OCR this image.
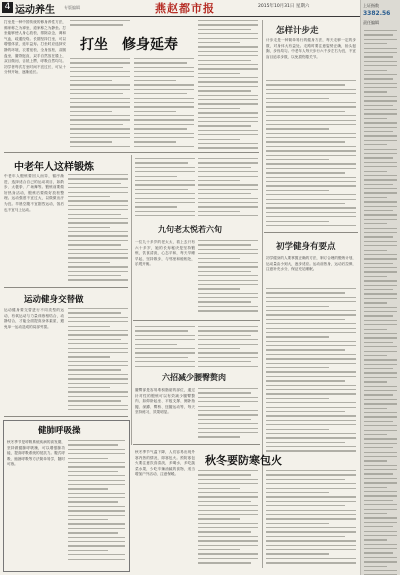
4 运动养生 专版编辑	燕赵都市报	2015年10月31日 星期六	上证指数
3382.56
责任编辑
打坐是一种中国传统的修身养性方法，佛家称之为禅坐，道家称之为静坐。打坐能够使人身心放松，排除杂念，调和气血，疏通经络。长期坚持打坐，可以增强体质，延年益寿。打坐时应选择安静的环境，衣着宽松，全身放松，双腿盘坐，腰背挺直，双手自然放在膝上，双目微闭，舌抵上腭，呼吸自然均匀。初学者每次打坐时间不宜过长，可从十分钟开始，逐渐延长。
打坐　修身延寿
怎样计步走
计步走是一种简单易行的健身方法，每天走够一定的步数，对身体大有益处。走路时要注意姿势正确，抬头挺胸，步伐均匀。中老年人每天步行六千步左右为宜，不宜盲目追求步数，以免损伤膝关节。
中老年人这样锻炼
中老年人锻炼要因人而异，循序渐进，选择适合自己的运动项目，如散步、太极拳、广场舞等。锻炼前要做好热身活动，锻炼后要做好放松整理。运动强度不宜过大，以微微出汗为宜。早晨空腹不宜剧烈运动，饭后也不宜马上运动。
九句老太悦若六旬
一位九十多岁的老太太，看上去只有六十多岁，她的长寿秘诀是坚持锻炼，饮食清淡，心态平和，每天早睡早起，坚持散步，与邻里和睦相处，乐观开朗。
初学健身有要点
初学健身的人要掌握正确的方法，制订合理的锻炼计划，运动量由小到大，逐步适应。运动前热身，运动后拉伸，注意补充水分，保证充足睡眠。
运动健身交替做
运动健身要交替进行不同类型的运动，有氧运动与力量训练相结合，动静结合，才能全面提高身体素质，避免单一运动造成的局部劳损。
六招减少腰臀赘肉
腰臀部是容易堆积脂肪的部位，通过针对性的锻炼可以有效减少腰臀赘肉，如仰卧起坐、平板支撑、侧卧抬腿、深蹲、臀桥、扭腰运动等，每天坚持练习，效果明显。
健肺呼吸操
秋冬季节是呼吸系统疾病的高发期，坚持做健肺呼吸操，可以增强肺功能，提高呼吸系统的抵抗力。腹式呼吸、缩唇呼吸等方法简单易学，随时可练。
秋冬季节气温下降，人们容易出现外寒内热的情况，即寒包火。预防寒包火要注意饮食清淡，多喝水，多吃蔬菜水果，少吃辛辣油腻的食物，适当增加户外活动，注意保暖。
秋冬要防寒包火
